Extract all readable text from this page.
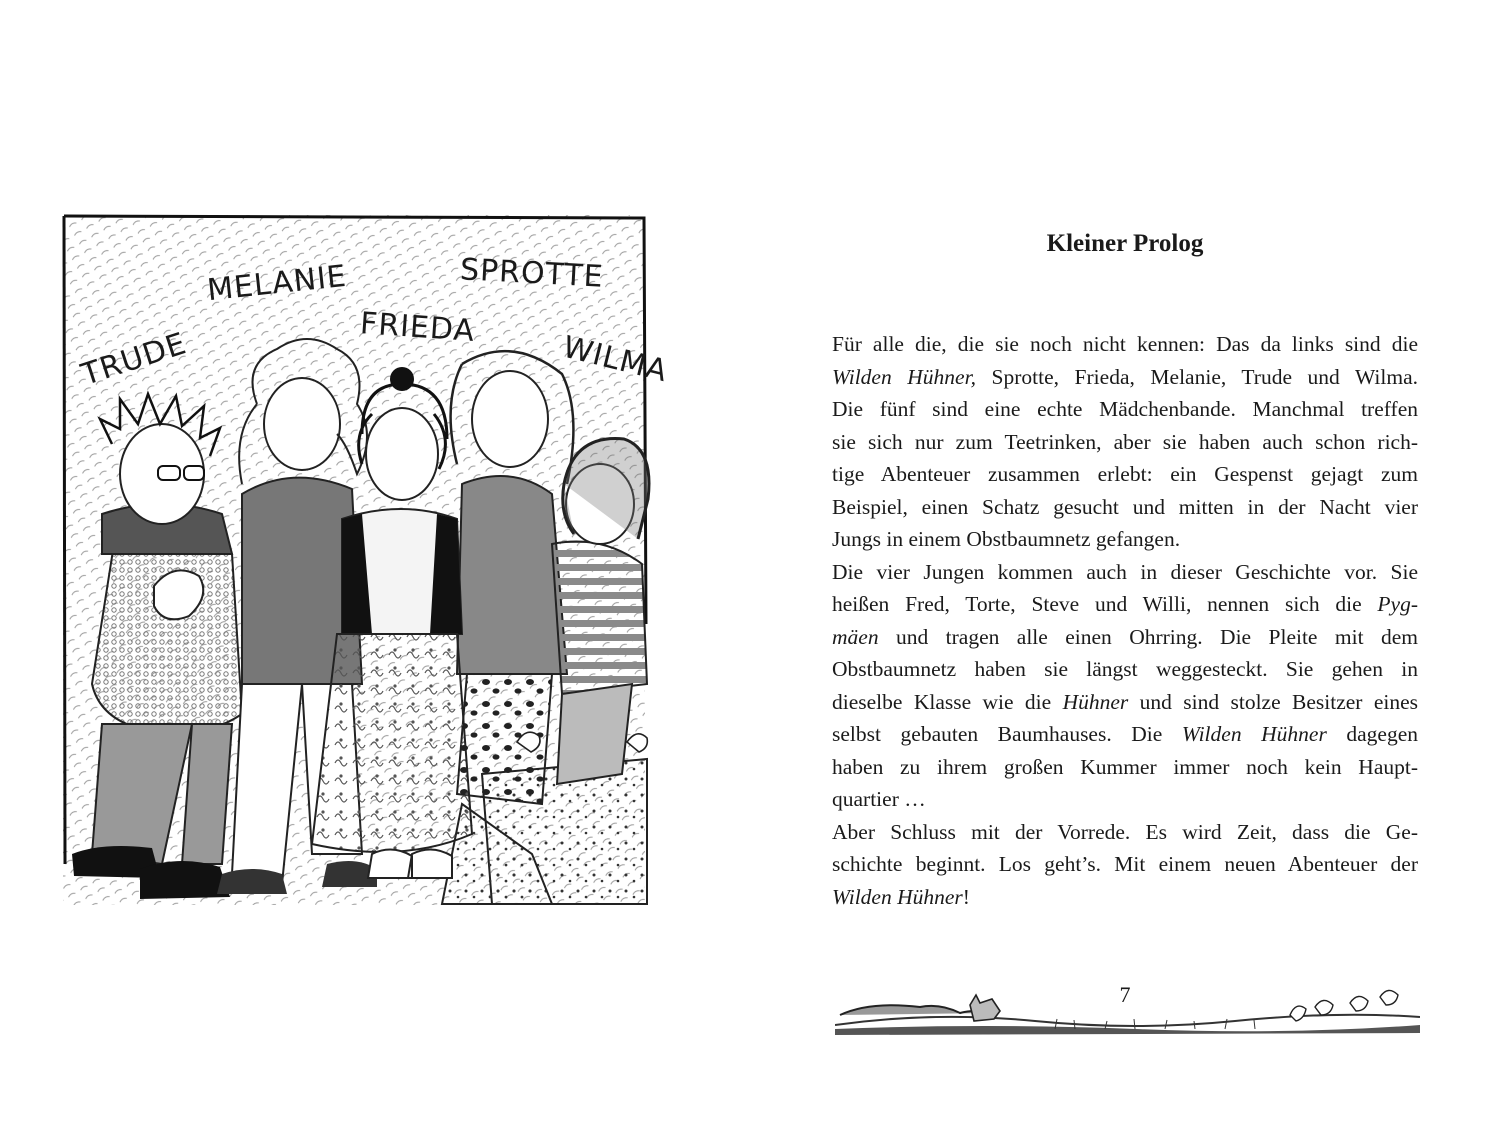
TRUDE
MELANIE
FRIEDA
SPROTTE
WILMA
Kleiner Prolog
Für alle die, die sie noch nicht kennen: Das da links sind die
Wilden Hühner, Sprotte, Frieda, Melanie, Trude und Wilma.
Die fünf sind eine echte Mädchenbande. Manchmal treffen
sie sich nur zum Teetrinken, aber sie haben auch schon rich-
tige Abenteuer zusammen erlebt: ein Gespenst gejagt zum
Beispiel, einen Schatz gesucht und mitten in der Nacht vier
Jungs in einem Obstbaumnetz gefangen.
Die vier Jungen kommen auch in dieser Geschichte vor. Sie
heißen Fred, Torte, Steve und Willi, nennen sich die Pyg-
mäen und tragen alle einen Ohrring. Die Pleite mit dem
Obstbaumnetz haben sie längst weggesteckt. Sie gehen in
dieselbe Klasse wie die Hühner und sind stolze Besitzer eines
selbst gebauten Baumhauses. Die Wilden Hühner dagegen
haben zu ihrem großen Kummer immer noch kein Haupt-
quartier …
Aber Schluss mit der Vorrede. Es wird Zeit, dass die Ge-
schichte beginnt. Los geht’s. Mit einem neuen Abenteuer der
Wilden Hühner!
7
